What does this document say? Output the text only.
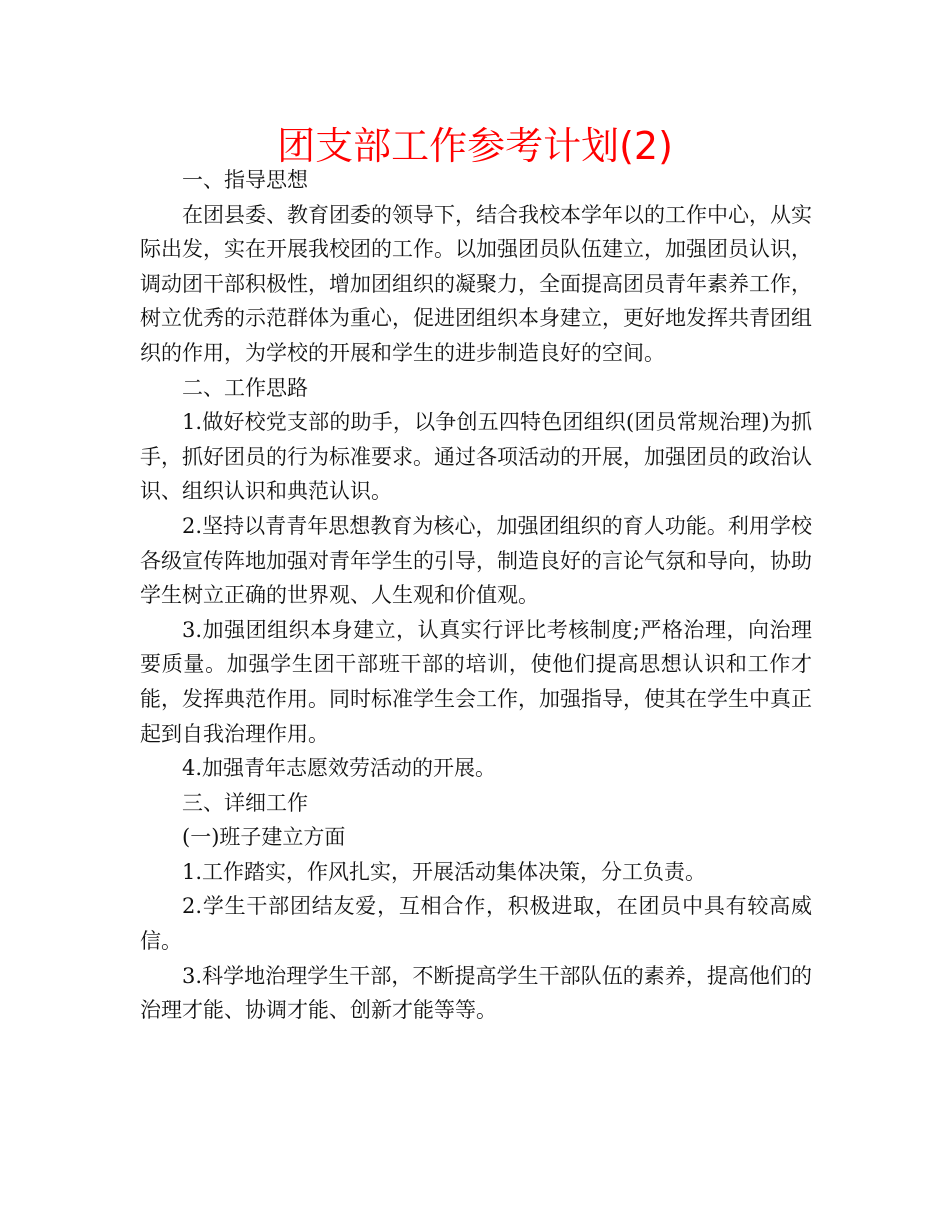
团支部工作参考计划(2)

一、指导思想

在团县委、教育团委的领导下，结合我校本学年以的工作中心，从实际出发，实在开展我校团的工作。以加强团员队伍建立，加强团员认识，调动团干部积极性，增加团组织的凝聚力，全面提高团员青年素养工作，树立优秀的示范群体为重心，促进团组织本身建立，更好地发挥共青团组织的作用，为学校的开展和学生的进步制造良好的空间。

二、工作思路

1.做好校党支部的助手，以争创五四特色团组织(团员常规治理)为抓手，抓好团员的行为标准要求。通过各项活动的开展，加强团员的政治认识、组织认识和典范认识。

2.坚持以青青年思想教育为核心，加强团组织的育人功能。利用学校各级宣传阵地加强对青年学生的引导，制造良好的言论气氛和导向，协助学生树立正确的世界观、人生观和价值观。

3.加强团组织本身建立，认真实行评比考核制度;严格治理，向治理要质量。加强学生团干部班干部的培训，使他们提高思想认识和工作才能，发挥典范作用。同时标准学生会工作，加强指导，使其在学生中真正起到自我治理作用。

4.加强青年志愿效劳活动的开展。

三、详细工作

(一)班子建立方面

1.工作踏实，作风扎实，开展活动集体决策，分工负责。

2.学生干部团结友爱，互相合作，积极进取，在团员中具有较高威信。

3.科学地治理学生干部，不断提高学生干部队伍的素养，提高他们的治理才能、协调才能、创新才能等等。
